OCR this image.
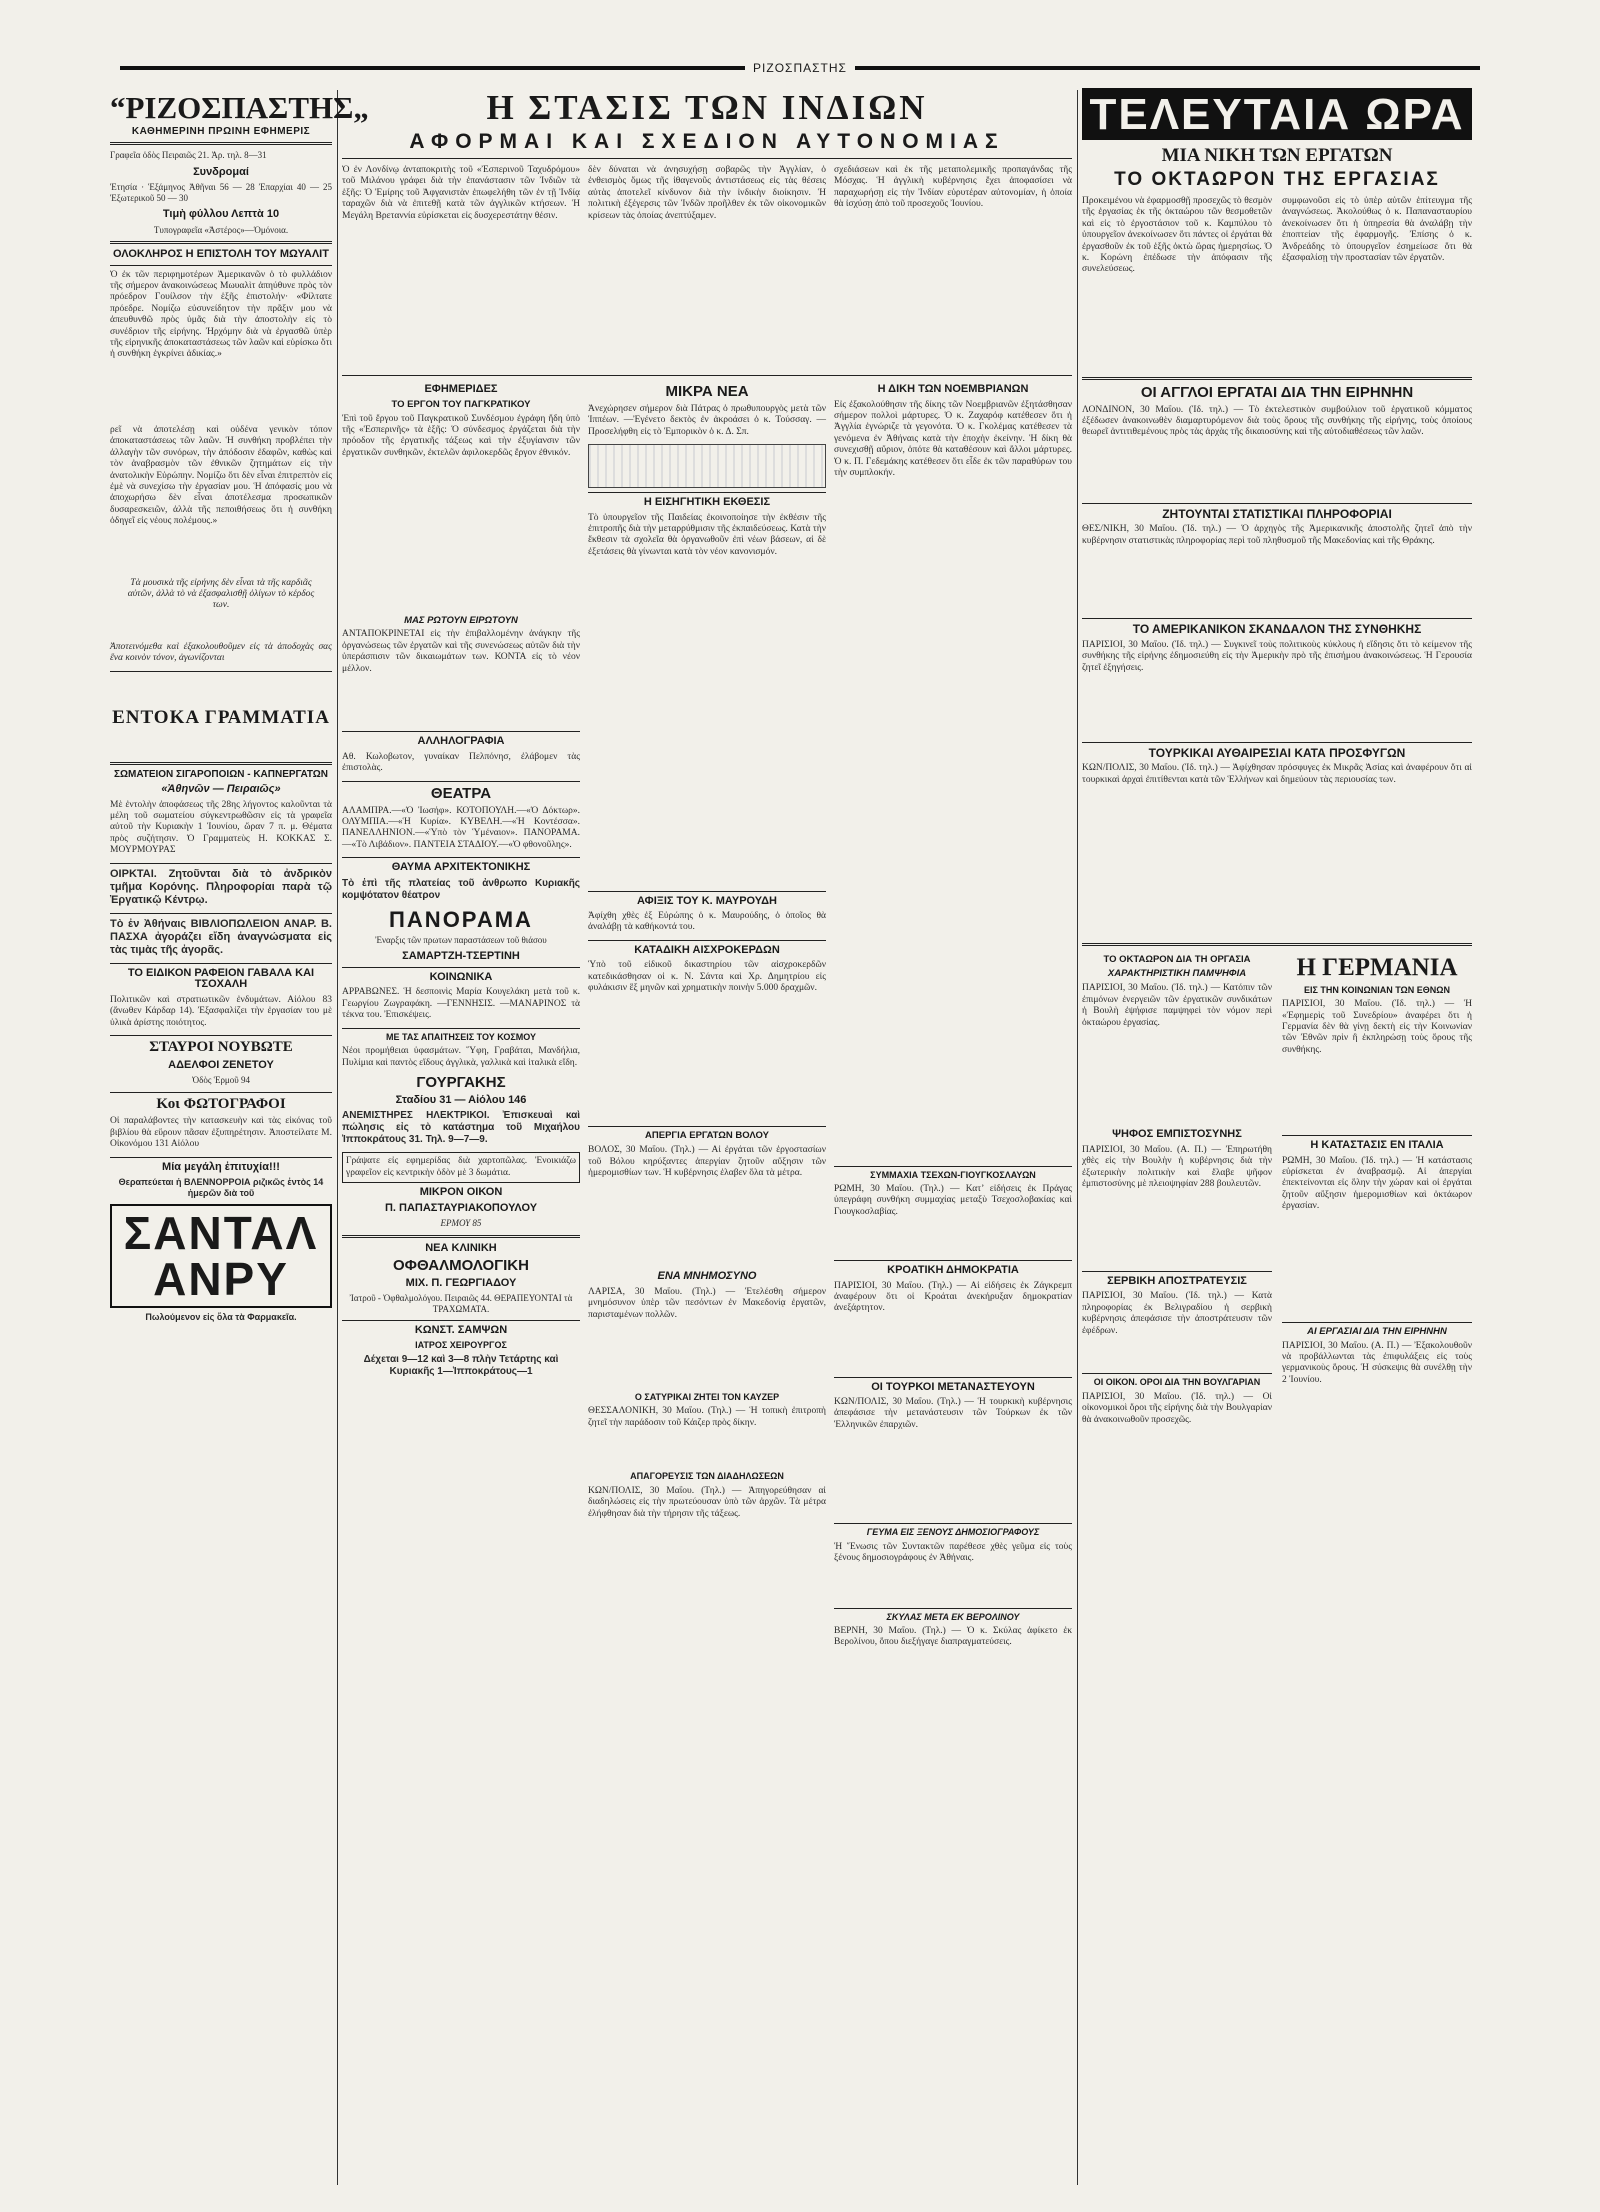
$^{PIZO\Sigma\Pi A\Sigma TH\Sigma}$
“ΡΙΖΟΣΠΑΣΤΗΣ„
ΚΑΘΗΜΕΡΙΝΗ ΠΡΩΙΝΗ ΕΦΗΜΕΡΙΣ
Γραφεῖα ὁδὸς Πειραιῶς 21. Ἀρ. τηλ. 8—31
Συνδρομαί
Ἐτησία · Ἑξάμηνος Ἀθῆναι 56 — 28 Ἐπαρχίαι 40 — 25 Ἐξωτερικοῦ 50 — 30
Τιμὴ φύλλου Λεπτὰ 10
Τυπογραφεῖα «Ἀστέρος»—Ὁμόνοια.
ΟΛΟΚΛΗΡΟΣ Η ΕΠΙΣΤΟΛΗ ΤΟΥ ΜΩΥΑΛΙΤ
Ὁ ἐκ τῶν περιφημοτέρων Ἀμερικανῶν ὁ τὸ φυλλάδιον τῆς σήμερον ἀνακοινώσεως Μωυαλὶτ ἀπηύθυνε πρὸς τὸν πρόεδρον Γουίλσον τὴν ἑξῆς ἐπιστολήν· «Φίλτατε πρόεδρε. Νομίζω εὐσυνείδητον τὴν πρᾶξιν μου νὰ ἀπευθυνθῶ πρὸς ὑμᾶς διὰ τὴν ἀποστολὴν εἰς τὸ συνέδριον τῆς εἰρήνης. Ἠρχόμην διὰ νὰ ἐργασθῶ ὑπὲρ τῆς εἰρηνικῆς ἀποκαταστάσεως τῶν λαῶν καὶ εὑρίσκω ὅτι ἡ συνθήκη ἐγκρίνει ἀδικίας.»
ρεῖ νὰ ἀποτελέσῃ καὶ οὐδένα γενικὸν τόπον ἀποκαταστάσεως τῶν λαῶν. Ἡ συνθήκη προβλέπει τὴν ἀλλαγὴν τῶν συνόρων, τὴν ἀπόδοσιν ἐδαφῶν, καθὼς καὶ τὸν ἀναβρασμὸν τῶν ἐθνικῶν ζητημάτων εἰς τὴν ἀνατολικὴν Εὐρώπην. Νομίζω ὅτι δὲν εἶναι ἐπιτρεπτὸν εἰς ἐμὲ νὰ συνεχίσω τὴν ἐργασίαν μου. Ἡ ἀπόφασίς μου νὰ ἀποχωρήσω δὲν εἶναι ἀποτέλεσμα προσωπικῶν δυσαρεσκειῶν, ἀλλὰ τῆς πεποιθήσεως ὅτι ἡ συνθήκη ὁδηγεῖ εἰς νέους πολέμους.»
Τὰ μουσικὰ τῆς εἰρήνης δὲν εἶναι τὰ τῆς καρδιᾶς αὐτῶν, ἀλλὰ τὸ νὰ ἐξασφαλισθῇ ὀλίγων τὸ κέρδος των.
Ἀποτεινόμεθα καὶ ἐξακολουθοῦμεν εἰς τὰ ἀποδοχὰς σας ἕνα κοινὸν τόνον, ἀγωνίζονται
ΕΝΤΟΚΑ ΓΡΑΜΜΑΤΙΑ
ΣΩΜΑΤΕΙΟΝ ΣΙΓΑΡΟΠΟΙΩΝ - ΚΑΠΝΕΡΓΑΤΩΝ
«Ἀθηνῶν — Πειραιῶς»
Μὲ ἐντολὴν ἀποφάσεως τῆς 28ης λήγοντος καλοῦνται τὰ μέλη τοῦ σωματείου σύγκεντρωθῶσιν εἰς τὰ γραφεῖα αὐτοῦ τὴν Κυριακὴν 1 Ἰουνίου, ὥραν 7 π. μ. Θέματα πρὸς συζήτησιν. Ὁ Γραμματεὺς Η. ΚΟΚΚΑΣ Σ. ΜΟΥΡΜΟΥΡΑΣ
ΟΙΡΚΤΑΙ. Ζητοῦνται διὰ τὸ ἀνδρικὸν τμῆμα Κορόνης. Πληροφορίαι παρὰ τῷ Ἐργατικῷ Κέντρῳ.
Τὸ ἐν Ἀθήναις ΒΙΒΛΙΟΠΩΛΕΙΟΝ ΑΝΑΡ. Β. ΠΑΣΧΑ ἀγοράζει εἴδη ἀναγνώσματα εἰς τὰς τιμὰς τῆς ἀγορᾶς.
ΤΟ ΕΙΔΙΚΟΝ ΡΑΦΕΙΟΝ ΓΑΒΑΛΑ ΚΑΙ ΤΣΟΧΑΛΗ
Πολιτικῶν καὶ στρατιωτικῶν ἐνδυμάτων. Αἰόλου 83 (ἄνωθεν Κάρδαρ 14). Ἐξασφαλίζει τὴν ἐργασίαν του μὲ ὑλικὰ ἀρίστης ποιότητος.
ΣΤΑΥΡΟΙ ΝΟΥΒΩΤΕ
ΑΔΕΛΦΟΙ ΖΕΝΕΤΟΥ
Ὁδὸς Ἑρμοῦ 94
Κοι ΦΩΤΟΓΡΑΦΟΙ
Οἱ παραλάβοντες τὴν κατασκευὴν καὶ τὰς εἰκόνας τοῦ βιβλίου θὰ εὕρουν πᾶσαν ἐξυπηρέτησιν. Ἀποστείλατε Μ. Οἰκονόμου 131 Αἰόλου
Μία μεγάλη ἐπιτυχία!!!
Θεραπεύεται ἡ ΒΛΕΝΝΟΡΡΟΙΑ ριζικῶς ἐντὸς 14 ἡμερῶν διὰ τοῦ
ΣΑΝΤΑΛ ΑΝΡΥ
Πωλούμενον εἰς ὅλα τὰ Φαρμακεῖα.
Η ΣΤΑΣΙΣ ΤΩΝ ΙΝΔΙΩΝ
ΑΦΟΡΜΑΙ ΚΑΙ ΣΧΕΔΙΟΝ ΑΥΤΟΝΟΜΙΑΣ
Ὁ ἐν Λονδίνῳ ἀνταποκριτὴς τοῦ «Ἐσπερινοῦ Ταχυδρόμου» τοῦ Μιλάνου γράφει διὰ τὴν ἐπανάστασιν τῶν Ἰνδιῶν τὰ ἑξῆς: Ὁ Ἐμίρης τοῦ Ἀφγανιστὰν ἐπωφελήθη τῶν ἐν τῇ Ἰνδίᾳ ταραχῶν διὰ νὰ ἐπιτεθῇ κατὰ τῶν ἀγγλικῶν κτήσεων. Ἡ Μεγάλη Βρεταννία εὑρίσκεται εἰς δυσχερεστάτην θέσιν.
δὲν δύναται νὰ ἀνησυχήσῃ σοβαρῶς τὴν Ἀγγλίαν, ὁ ἐνθεισμὸς ὅμως τῆς ἰθαγενοῦς ἀντιστάσεως εἰς τὰς θέσεις αὐτὰς ἀποτελεῖ κίνδυνον διὰ τὴν ἰνδικὴν διοίκησιν. Ἡ πολιτικὴ ἐξέγερσις τῶν Ἰνδῶν προῆλθεν ἐκ τῶν οἰκονομικῶν κρίσεων τὰς ὁποίας ἀνεπτύξαμεν.
σχεδιάσεων καὶ ἐκ τῆς μεταπολεμικῆς προπαγάνδας τῆς Μόσχας. Ἡ ἀγγλικὴ κυβέρνησις ἔχει ἀποφασίσει νὰ παραχωρήσῃ εἰς τὴν Ἰνδίαν εὐρυτέραν αὐτονομίαν, ἡ ὁποία θὰ ἰσχύσῃ ἀπὸ τοῦ προσεχοῦς Ἰουνίου.
ΕΦΗΜΕΡΙΔΕΣ
ΤΟ ΕΡΓΟΝ ΤΟΥ ΠΑΓΚΡΑΤΙΚΟΥ
Ἐπὶ τοῦ ἔργου τοῦ Παγκρατικοῦ Συνδέσμου ἐγράφη ἤδη ὑπὸ τῆς «Ἑσπερινῆς» τὰ ἑξῆς: Ὁ σύνδεσμος ἐργάζεται διὰ τὴν πρόοδον τῆς ἐργατικῆς τάξεως καὶ τὴν ἐξυγίανσιν τῶν ἐργατικῶν συνθηκῶν, ἐκτελῶν ἀφιλοκερδῶς ἔργον ἐθνικόν.
ΜΑΣ ΡΩΤΟΥΝ ΕΙΡΩΤΟΥΝ
ΑΝΤΑΠΟΚΡΙΝΕΤΑΙ εἰς τὴν ἐπιβαλλομένην ἀνάγκην τῆς ὀργανώσεως τῶν ἐργατῶν καὶ τῆς συνενώσεως αὐτῶν διὰ τὴν ὑπεράσπισιν τῶν δικαιωμάτων των. ΚΟΝΤΑ εἰς τὸ νέον μέλλον.
ΑΛΛΗΛΟΓΡΑΦΙΑ
Αθ. Κωλοβωτον, γυναίκαν Πελπόνησ, ἐλάβομεν τὰς ἐπιστολὰς.
ΘΕΑΤΡΑ
ΑΛΑΜΠΡΑ.—«Ὁ Ἰωσήφ». ΚΟΤΟΠΟΥΛΗ.—«Ὁ Δόκτωρ». ΟΛΥΜΠΙΑ.—«Ἡ Κυρία». ΚΥΒΕΛΗ.—«Ἡ Κοντέσσα». ΠΑΝΕΛΛΗΝΙΟΝ.—«Ὑπὸ τὸν Ὑμέναιον». ΠΑΝΟΡΑΜΑ.—«Τὸ Λιβάδιον». ΠΑΝΤΕΙΑ ΣΤΑΔΙΟΥ.—«Ὁ φθονοῦλης».
ΘΑΥΜΑ ΑΡΧΙΤΕΚΤΟΝΙΚΗΣ
Τὸ ἐπὶ τῆς πλατείας τοῦ ἀνθρωπο Κυριακῆς κομψότατον θέατρον
ΠΑΝΟΡΑΜΑ
Ἐναρξις τῶν πρωτων παραστάσεων τοῦ θιάσου
ΣΑΜΑΡΤΖΗ-ΤΣΕΡΤΙΝΗ
ΚΟΙΝΩΝΙΚΑ
ΑΡΡΑΒΩΝΕΣ. Ἡ δεσποινὶς Μαρία Κουγελάκη μετὰ τοῦ κ. Γεωργίου Ζωγραφάκη. —ΓΕΝΝΗΣΙΣ. —ΜΑΝΑΡΙΝΟΣ τὰ τέκνα του. Ἐπισκέψεις.
ΜΕ ΤΑΣ ΑΠΑΙΤΗΣΕΙΣ ΤΟΥ ΚΟΣΜΟΥ
Νέοι προμήθειαι ὑφασμάτων. Ὕφη, Γραβάται, Μανδήλια, Πυλίμια καὶ παντὸς εἴδους ἀγγλικὰ, γαλλικὰ καὶ ἰταλικὰ εἴδη.
ΓΟΥΡΓΑΚΗΣ
Σταδίου 31 — Αἰόλου 146
ΑΝΕΜΙΣΤΗΡΕΣ ΗΛΕΚΤΡΙΚΟΙ. Ἐπισκευαὶ καὶ πώλησις εἰς τὸ κατάστημα τοῦ Μιχαήλου Ἱπποκράτους 31. Τηλ. 9—7—9.
Γράψατε εἰς εφημερίδας διὰ χαρτοπῶλας. Ἐνοικιάζω γραφεῖον εἰς κεντρικὴν ὁδὸν μὲ 3 δωμάτια.
ΜΙΚΡΟΝ ΟΙΚΟΝ
Π. ΠΑΠΑΣΤΑΥΡΙΑΚΟΠΟΥΛΟΥ
ΕΡΜΟΥ 85
ΝΕΑ ΚΛΙΝΙΚΗ
ΟΦΘΑΛΜΟΛΟΓΙΚΗ
ΜΙΧ. Π. ΓΕΩΡΓΙΑΔΟΥ
Ἰατροῦ - Ὀφθαλμολόγου. Πειραιῶς 44. ΘΕΡΑΠΕΥΟΝΤΑΙ τὰ ΤΡΑΧΩΜΑΤΑ.
ΚΩΝΣΤ. ΣΑΜΨΩΝ
ΙΑΤΡΟΣ ΧΕΙΡΟΥΡΓΟΣ
Δέχεται 9—12 καὶ 3—8 πλὴν Τετάρτης καὶ Κυριακῆς 1—Ἱπποκράτους—1
ΜΙΚΡΑ ΝΕΑ
Ἀνεχώρησεν σήμερον διὰ Πάτρας ὁ πρωθυπουργὸς μετὰ τῶν Ἱππέων. —Ἐγένετο δεκτὸς ἐν ἀκροάσει ὁ κ. Τούσσαγ. —Προσελήφθη εἰς τὸ Ἐμπορικὸν ὁ κ. Δ. Σπ.
Η ΕΙΣΗΓΗΤΙΚΗ ΕΚΘΕΣΙΣ
Τὸ ὑπουργεῖον τῆς Παιδείας ἐκοινοποίησε τὴν ἐκθέσιν τῆς ἐπιτροπῆς διὰ τὴν μεταρρύθμισιν τῆς ἐκπαιδεύσεως. Κατὰ τὴν ἔκθεσιν τὰ σχολεῖα θὰ ὀργανωθοῦν ἐπὶ νέων βάσεων, αἱ δὲ ἐξετάσεις θὰ γίνωνται κατὰ τὸν νέον κανονισμόν.
ΑΦΙΞΙΣ ΤΟΥ Κ. ΜΑΥΡΟΥΔΗ
Ἀφίχθη χθὲς ἐξ Εὐρώπης ὁ κ. Μαυρούδης, ὁ ὁποῖος θὰ ἀναλάβῃ τὰ καθήκοντά του.
ΚΑΤΑΔΙΚΗ ΑΙΣΧΡΟΚΕΡΔΩΝ
Ὑπὸ τοῦ εἰδικοῦ δικαστηρίου τῶν αἰσχροκερδῶν κατεδικάσθησαν οἱ κ. Ν. Σάντα καὶ Χρ. Δημητρίου εἰς φυλάκισιν ἓξ μηνῶν καὶ χρηματικὴν ποινὴν 5.000 δραχμῶν.
ΑΠΕΡΓΙΑ ΕΡΓΑΤΩΝ ΒΟΛΟΥ
ΒΟΛΟΣ, 30 Μαΐου. (Τηλ.) — Αἱ ἐργάται τῶν ἐργοστασίων τοῦ Βόλου κηρύξαντες ἀπεργίαν ζητοῦν αὔξησιν τῶν ἡμερομισθίων των. Ἡ κυβέρνησις ἐλαβεν ὅλα τὰ μέτρα.
ΕΝΑ ΜΝΗΜΟΣΥΝΟ
ΛΑΡΙΣΑ, 30 Μαΐου. (Τηλ.) — Ἐτελέσθη σήμερον μνημόσυνον ὑπὲρ τῶν πεσόντων ἐν Μακεδονίᾳ ἐργατῶν, παρισταμένων πολλῶν.
Ο ΣΑΤΥΡΙΚΑΙ ΖΗΤΕΙ ΤΟΝ ΚΑΥΖΕΡ
ΘΕΣΣΑΛΟΝΙΚΗ, 30 Μαΐου. (Τηλ.) — Ἡ τοπικὴ ἐπιτροπὴ ζητεῖ τὴν παράδοσιν τοῦ Κάιζερ πρὸς δίκην.
ΑΠΑΓΟΡΕΥΣΙΣ ΤΩΝ ΔΙΑΔΗΛΩΣΕΩΝ
ΚΩΝ/ΠΟΛΙΣ, 30 Μαΐου. (Τηλ.) — Ἀπηγορεύθησαν αἱ διαδηλώσεις εἰς τὴν πρωτεύουσαν ὑπὸ τῶν ἀρχῶν. Τὰ μέτρα ἐλήφθησαν διὰ τὴν τήρησιν τῆς τάξεως.
Η ΔΙΚΗ ΤΩΝ ΝΟΕΜΒΡΙΑΝΩΝ
Εἰς ἐξακολούθησιν τῆς δίκης τῶν Νοεμβριανῶν ἐξητάσθησαν σήμερον πολλοὶ μάρτυρες. Ὁ κ. Ζαχαρόφ κατέθεσεν ὅτι ἡ Ἀγγλία ἐγνώριζε τὰ γεγονότα. Ὁ κ. Γκολέμας κατέθεσεν τὰ γενόμενα ἐν Ἀθήναις κατὰ τὴν ἐποχὴν ἐκείνην. Ἡ δίκη θὰ συνεχισθῇ αὔριον, ὁπότε θὰ καταθέσουν καὶ ἄλλοι μάρτυρες. Ὁ κ. Π. Γεδεμάκης κατέθεσεν ὅτι εἶδε ἐκ τῶν παραθύρων του τὴν συμπλοκήν.
ΣΥΜΜΑΧΙΑ ΤΣΕΧΩΝ-ΓΙΟΥΓΚΟΣΛΑΥΩΝ
ΡΩΜΗ, 30 Μαΐου. (Τηλ.) — Κατ’ εἰδήσεις ἐκ Πράγας ὑπεγράφη συνθήκη συμμαχίας μεταξὺ Τσεχοσλοβακίας καὶ Γιουγκοσλαβίας.
ΚΡΟΑΤΙΚΗ ΔΗΜΟΚΡΑΤΙΑ
ΠΑΡΙΣΙΟΙ, 30 Μαΐου. (Τηλ.) — Αἱ εἰδήσεις ἐκ Ζάγκρεμπ ἀναφέρουν ὅτι οἱ Κροάται ἀνεκήρυξαν δημοκρατίαν ἀνεξάρτητον.
ΟΙ ΤΟΥΡΚΟΙ ΜΕΤΑΝΑΣΤΕΥΟΥΝ
ΚΩΝ/ΠΟΛΙΣ, 30 Μαΐου. (Τηλ.) — Ἡ τουρκικὴ κυβέρνησις ἀπεφάσισε τὴν μετανάστευσιν τῶν Τούρκων ἐκ τῶν Ἑλληνικῶν ἐπαρχιῶν.
ΓΕΥΜΑ ΕΙΣ ΞΕΝΟΥΣ ΔΗΜΟΣΙΟΓΡΑΦΟΥΣ
Ἡ Ἕνωσις τῶν Συντακτῶν παρέθεσε χθὲς γεῦμα εἰς τοὺς ξένους δημοσιογράφους ἐν Ἀθήναις.
ΣΚΥΛΑΣ ΜΕΤΑ ΕΚ ΒΕΡΟΛΙΝΟΥ
ΒΕΡΝΗ, 30 Μαΐου. (Τηλ.) — Ὁ κ. Σκύλας ἀφίκετο ἐκ Βερολίνου, ὅπου διεξήγαγε διαπραγματεύσεις.
ΤΕΛΕΥΤΑΙΑ ΩΡΑ
ΜΙΑ ΝΙΚΗ ΤΩΝ ΕΡΓΑΤΩΝ
ΤΟ ΟΚΤΑΩΡΟΝ ΤΗΣ ΕΡΓΑΣΙΑΣ
Προκειμένου νὰ ἐφαρμοσθῇ προσεχῶς τὸ θεσμὸν τῆς ἐργασίας ἐκ τῆς ὀκταώρου τῶν θεσμοθετῶν καὶ εἰς τὸ ἐργοστάσιον τοῦ κ. Καμπύλου τὸ ὑπουργεῖον ἀνεκοίνωσεν ὅτι πάντες οἱ ἐργάται θὰ ἐργασθοῦν ἐκ τοῦ ἑξῆς ὀκτὼ ὥρας ἡμερησίως. Ὁ κ. Κορώνη ἐπέδωσε τὴν ἀπόφασιν τῆς συνελεύσεως.
συμφωνοῦσι εἰς τὸ ὑπὲρ αὐτῶν ἐπίτευγμα τῆς ἀναγνώσεως. Ἀκολούθως ὁ κ. Παπανασταυρίου ἀνεκοίνωσεν ὅτι ἡ ὑπηρεσία θὰ ἀναλάβῃ τὴν ἐποπτείαν τῆς ἐφαρμογῆς. Ἐπίσης ὁ κ. Ἀνδρεάδης τὸ ὑπουργεῖον ἐσημείωσε ὅτι θὰ ἐξασφαλίσῃ τὴν προστασίαν τῶν ἐργατῶν.
ΟΙ ΑΓΓΛΟΙ ΕΡΓΑΤΑΙ ΔΙΑ ΤΗΝ ΕΙΡΗΝΗΝ
ΛΟΝΔΙΝΟΝ, 30 Μαΐου. (Ἰδ. τηλ.) — Τὸ ἐκτελεστικὸν συμβούλιον τοῦ ἐργατικοῦ κόμματος ἐξέδωσεν ἀνακοινωθὲν διαμαρτυρόμενον διὰ τοὺς ὅρους τῆς συνθήκης τῆς εἰρήνης, τοὺς ὁποίους θεωρεῖ ἀντιτιθεμένους πρὸς τὰς ἀρχὰς τῆς δικαιοσύνης καὶ τῆς αὐτοδιαθέσεως τῶν λαῶν.
ΖΗΤΟΥΝΤΑΙ ΣΤΑΤΙΣΤΙΚΑΙ ΠΛΗΡΟΦΟΡΙΑΙ
ΘΕΣ/ΝΙΚΗ, 30 Μαΐου. (Ἰδ. τηλ.) — Ὁ ἀρχηγὸς τῆς Ἀμερικανικῆς ἀποστολῆς ζητεῖ ἀπὸ τὴν κυβέρνησιν στατιστικὰς πληροφορίας περὶ τοῦ πληθυσμοῦ τῆς Μακεδονίας καὶ τῆς Θράκης.
ΤΟ ΑΜΕΡΙΚΑΝΙΚΟΝ ΣΚΑΝΔΑΛΟΝ ΤΗΣ ΣΥΝΘΗΚΗΣ
ΠΑΡΙΣΙΟΙ, 30 Μαΐου. (Ἰδ. τηλ.) — Συγκινεῖ τοὺς πολιτικοὺς κύκλους ἡ εἴδησις ὅτι τὸ κείμενον τῆς συνθήκης τῆς εἰρήνης ἐδημοσιεύθη εἰς τὴν Ἀμερικὴν πρὸ τῆς ἐπισήμου ἀνακοινώσεως. Ἡ Γερουσία ζητεῖ ἐξηγήσεις.
ΤΟΥΡΚΙΚΑΙ ΑΥΘΑΙΡΕΣΙΑΙ ΚΑΤΑ ΠΡΟΣΦΥΓΩΝ
ΚΩΝ/ΠΟΛΙΣ, 30 Μαΐου. (Ἰδ. τηλ.) — Ἀφίχθησαν πρόσφυγες ἐκ Μικρᾶς Ἀσίας καὶ ἀναφέρουν ὅτι αἱ τουρκικαὶ ἀρχαὶ ἐπιτίθενται κατὰ τῶν Ἑλλήνων καὶ δημεύουν τὰς περιουσίας των.
ΤΟ ΟΚΤΑΩΡΟΝ ΔΙΑ ΤΗ ΟΡΓΑΣΙΑ
ΧΑΡΑΚΤΗΡΙΣΤΙΚΗ ΠΑΜΨΗΦΙΑ
ΠΑΡΙΣΙΟΙ, 30 Μαΐου. (Ἰδ. τηλ.) — Κατόπιν τῶν ἐπιμόνων ἐνεργειῶν τῶν ἐργατικῶν συνδικάτων ἡ Βουλὴ ἐψήφισε παμψηφεὶ τὸν νόμον περὶ ὀκταώρου ἐργασίας.
ΨΗΦΟΣ ΕΜΠΙΣΤΟΣΥΝΗΣ
ΠΑΡΙΣΙΟΙ, 30 Μαΐου. (Α. Π.) — Ἐπηρωτήθη χθὲς εἰς τὴν Βουλὴν ἡ κυβέρνησις διὰ τὴν ἐξωτερικὴν πολιτικὴν καὶ ἔλαβε ψῆφον ἐμπιστοσύνης μὲ πλειοψηφίαν 288 βουλευτῶν.
ΣΕΡΒΙΚΗ ΑΠΟΣΤΡΑΤΕΥΣΙΣ
ΠΑΡΙΣΙΟΙ, 30 Μαΐου. (Ἰδ. τηλ.) — Κατὰ πληροφορίας ἐκ Βελιγραδίου ἡ σερβικὴ κυβέρνησις ἀπεφάσισε τὴν ἀποστράτευσιν τῶν ἐφέδρων.
ΟΙ ΟΙΚΟΝ. ΟΡΟΙ ΔΙΑ ΤΗΝ ΒΟΥΛΓΑΡΙΑΝ
ΠΑΡΙΣΙΟΙ, 30 Μαΐου. (Ἰδ. τηλ.) — Οἱ οἰκονομικοὶ ὅροι τῆς εἰρήνης διὰ τὴν Βουλγαρίαν θὰ ἀνακοινωθοῦν προσεχῶς.
Η ΓΕΡΜΑΝΙΑ
ΕΙΣ ΤΗΝ ΚΟΙΝΩΝΙΑΝ ΤΩΝ ΕΘΝΩΝ
ΠΑΡΙΣΙΟΙ, 30 Μαΐου. (Ἰδ. τηλ.) — Ἡ «Ἐφημερὶς τοῦ Συνεδρίου» ἀναφέρει ὅτι ἡ Γερμανία δὲν θὰ γίνῃ δεκτὴ εἰς τὴν Κοινωνίαν τῶν Ἐθνῶν πρὶν ἢ ἐκπληρώσῃ τοὺς ὅρους τῆς συνθήκης.
Η ΚΑΤΑΣΤΑΣΙΣ ΕΝ ΙΤΑΛΙΑ
ΡΩΜΗ, 30 Μαΐου. (Ἰδ. τηλ.) — Ἡ κατάστασις εὑρίσκεται ἐν ἀναβρασμῷ. Αἱ ἀπεργίαι ἐπεκτείνονται εἰς ὅλην τὴν χώραν καὶ οἱ ἐργάται ζητοῦν αὔξησιν ἡμερομισθίων καὶ ὀκτάωρον ἐργασίαν.
ΑΙ ΕΡΓΑΣΙΑΙ ΔΙΑ ΤΗΝ ΕΙΡΗΝΗΝ
ΠΑΡΙΣΙΟΙ, 30 Μαΐου. (Α. Π.) — Ἐξακολουθοῦν νὰ προβάλλωνται τὰς ἐπιφυλάξεις εἰς τοὺς γερμανικοὺς ὅρους. Ἡ σύσκεψις θὰ συνέλθῃ τὴν 2 Ἰουνίου.
